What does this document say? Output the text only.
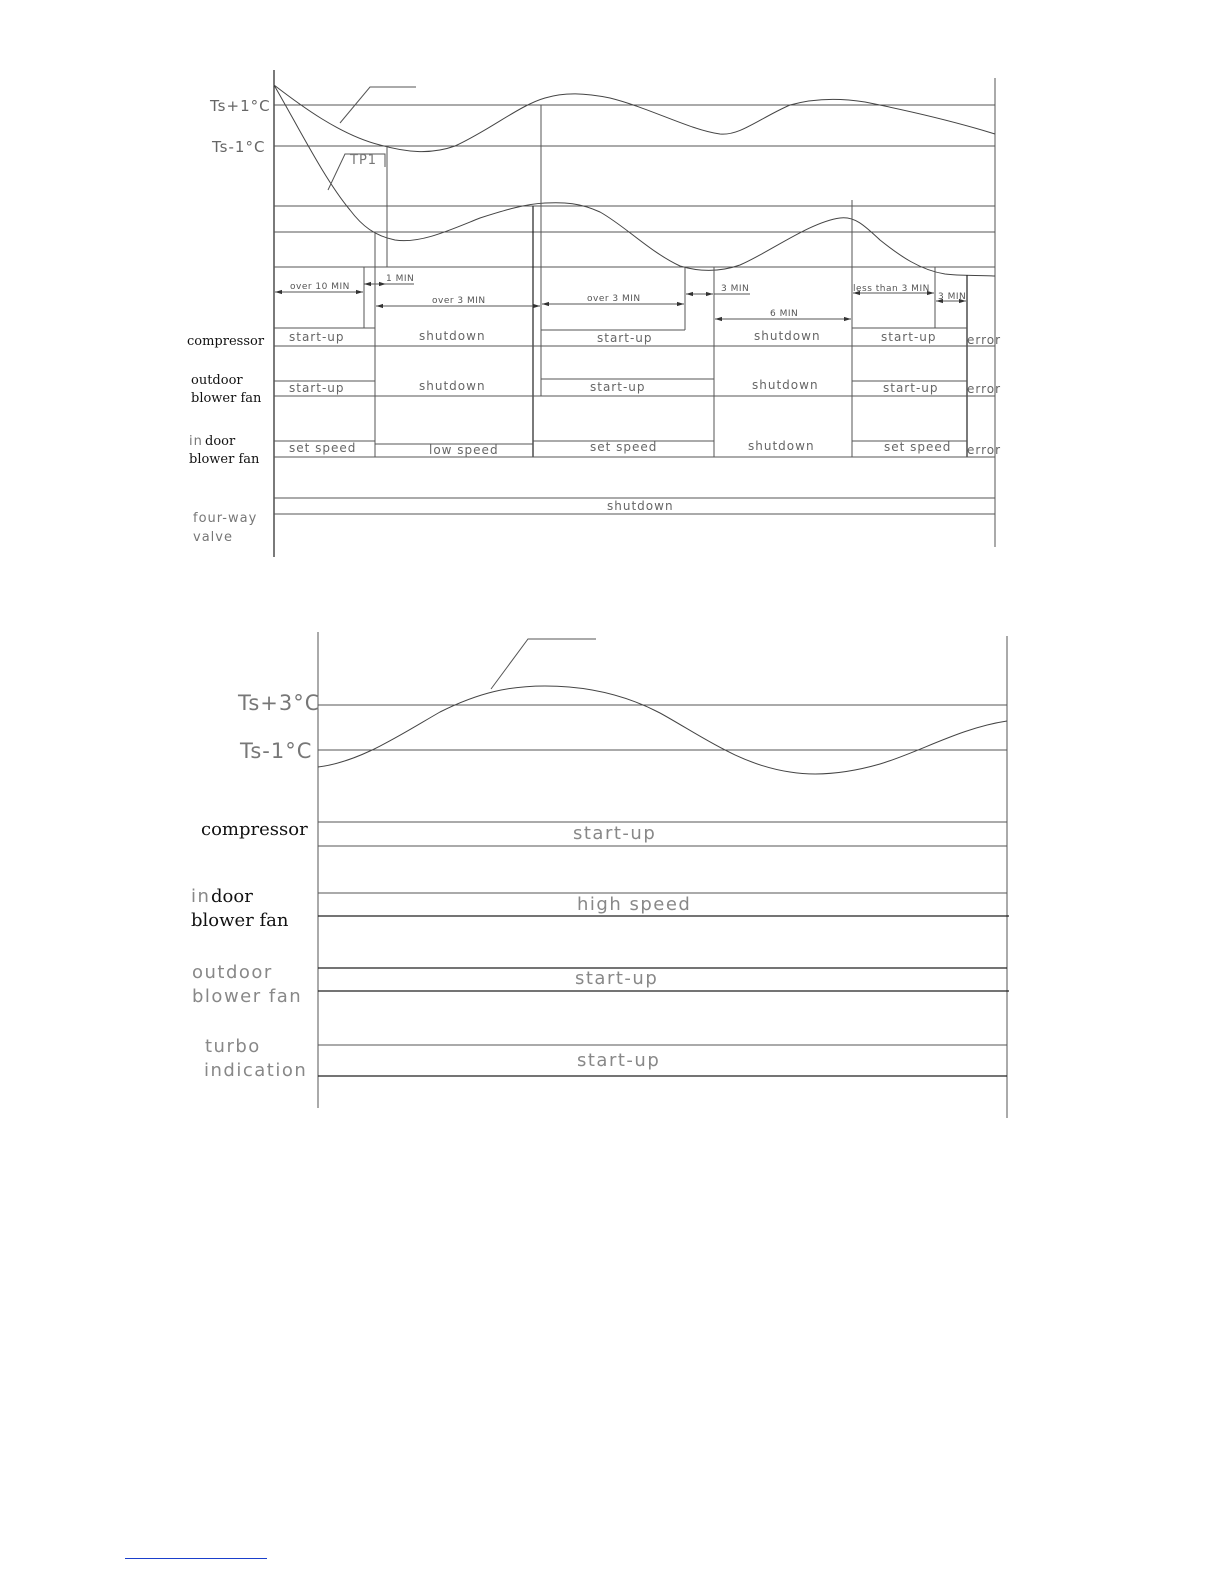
Ts+1°C
Ts-1°C
TP1
over 10 MIN
1 MIN
over 3 MIN	over 3 MIN
3 MIN
6 MIN
less than 3 MIN
3 MIN
compressor start-up	shutdown	start-up	shutdown	start-up	error
outdoor
blower fan
start-up	shutdown	start-up	shutdown	start-up error
in door
blower fan
set speed	low speed	set speed	shutdown	set speed error
four-way
valve
shutdown
Ts+3°C
Ts-1°C
compressor	start-up
in door
blower fan
high speed
outdoor
blower fan
start-up
turbo
indication	start-up
